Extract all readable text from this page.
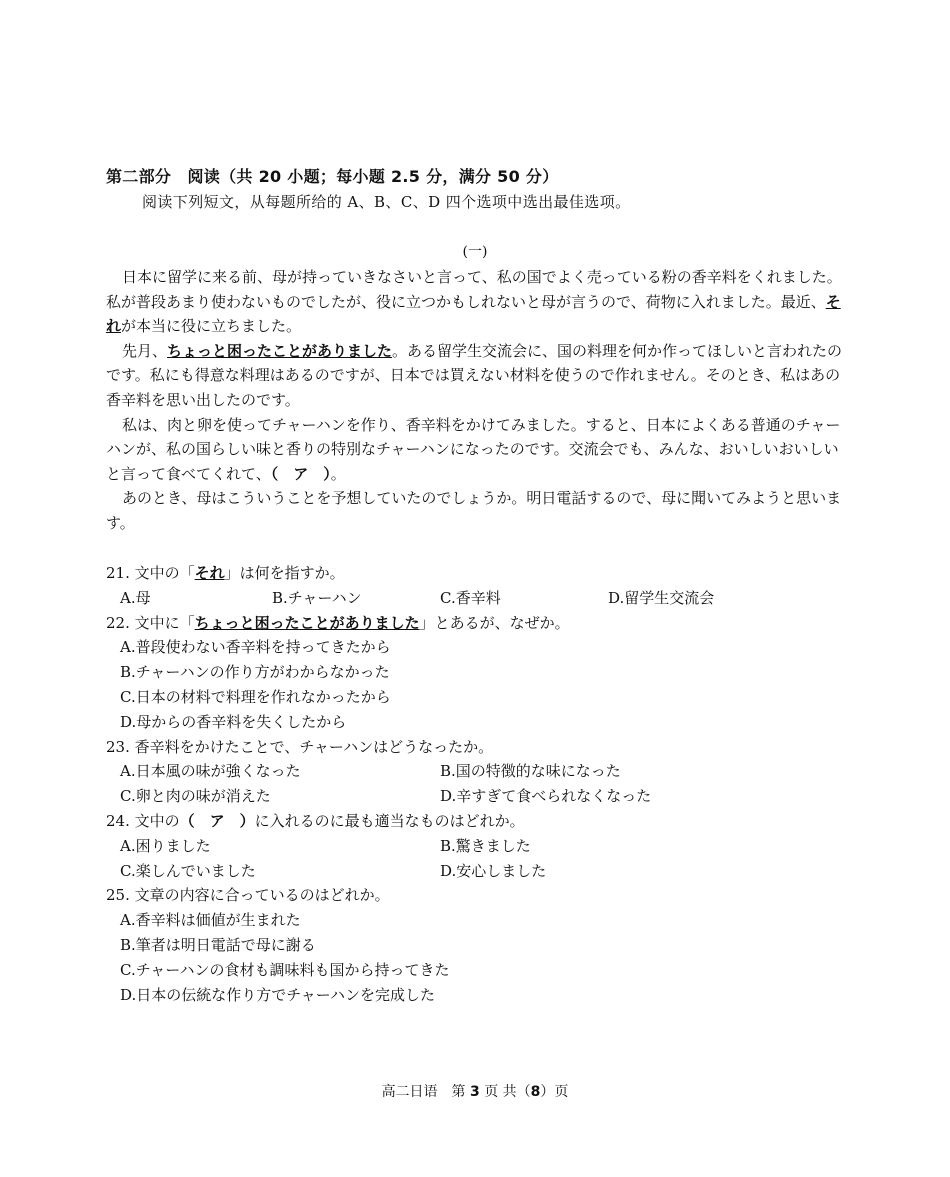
第二部分　阅读（共 20 小题；每小题 2.5 分，满分 50 分）
阅读下列短文，从每题所给的 A、B、C、D 四个选项中选出最佳选项。
(一)

日本に留学に来る前、母が持っていきなさいと言って、私の国でよく売っている粉の香辛料をくれました。私が普段あまり使わないものでしたが、役に立つかもしれないと母が言うので、荷物に入れました。最近、それが本当に役に立ちました。

先月、ちょっと困ったことがありました。ある留学生交流会に、国の料理を何か作ってほしいと言われたのです。私にも得意な料理はあるのですが、日本では買えない材料を使うので作れません。そのとき、私はあの香辛料を思い出したのです。

私は、肉と卵を使ってチャーハンを作り、香辛料をかけてみました。すると、日本によくある普通のチャーハンが、私の国らしい味と香りの特別なチャーハンになったのです。交流会でも、みんな、おいしいおいしいと言って食べてくれて、（　ア　）。

あのとき、母はこういうことを予想していたのでしょうか。明日電話するので、母に聞いてみようと思います。

21. 文中の「それ」は何を指すか。
A.母	B.チャーハン	C.香辛料	D.留学生交流会
22. 文中に「ちょっと困ったことがありました」とあるが、なぜか。
A.普段使わない香辛料を持ってきたから
B.チャーハンの作り方がわからなかった
C.日本の材料で料理を作れなかったから
D.母からの香辛料を失くしたから
23. 香辛料をかけたことで、チャーハンはどうなったか。
A.日本風の味が強くなった	B.国の特徴的な味になった
C.卵と肉の味が消えた	D.辛すぎて食べられなくなった
24. 文中の（　ア　）に入れるのに最も適当なものはどれか。
A.困りました	B.驚きました
C.楽しんでいました	D.安心しました
25. 文章の内容に合っているのはどれか。
A.香辛料は価値が生まれた
B.筆者は明日電話で母に謝る
C.チャーハンの食材も調味料も国から持ってきた
D.日本の伝統な作り方でチャーハンを完成した
高二日语　第 3 页 共（8）页
